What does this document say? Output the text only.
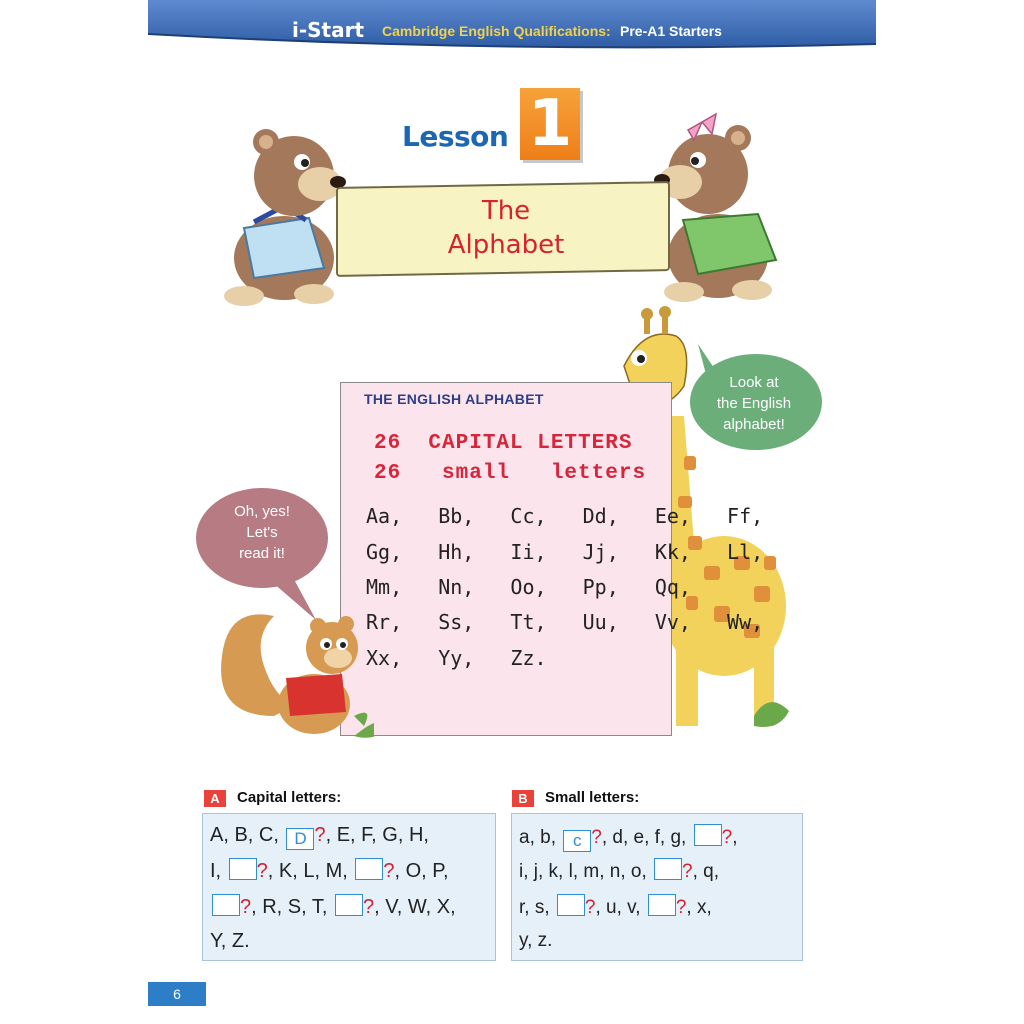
i-Start Cambridge English Qualifications: Pre-A1 Starters
Lesson 1
The
Alphabet
THE ENGLISH ALPHABET
26  CAPITAL LETTERS
26   small   letters
Aa,  Bb,  Cc,  Dd,  Ee,  Ff,
Gg,  Hh,  Ii,  Jj,  Kk,  Ll,
Mm,  Nn,  Oo,  Pp,  Qq,
Rr,  Ss,  Tt,  Uu,  Vv,  Ww,
Xx,  Yy,  Zz.
Look at
the English
alphabet!
Oh, yes!
Let's
read it!
A	Capital letters:
A, B, C, D ?, E, F, G, H,
I, ?, K, L, M, ?, O, P,
?, R, S, T, ?, V, W, X,
Y, Z.
B	Small letters:
a, b, c ?, d, e, f, g, ?,
i, j, k, l, m, n, o, ?, q,
r, s, ?, u, v, ?, x,
y, z.
6
